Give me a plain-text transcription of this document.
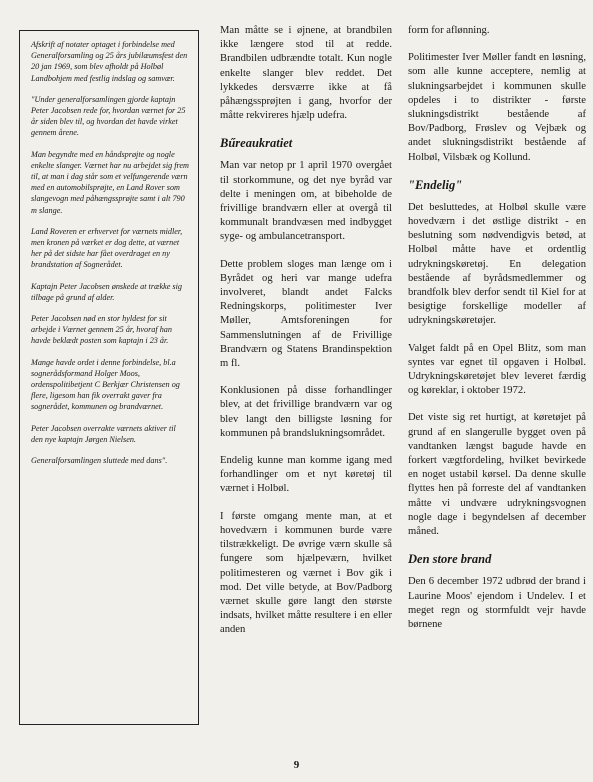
Afskrift af notater optaget i forbindelse med Generalforsamling og 25 års jubilæumsfest den 20 jan 1969, som blev afholdt på Holbøl Landbohjem med festlig indslag og samvær.

"Under generalforsamlingen gjorde kaptajn Peter Jacobsen rede for, hvordan værnet for 25 år siden blev til, og hvordan det havde virket gennem årene.

Man begyndte med en håndsprøjte og nogle enkelte slanger. Værnet har nu arbejdet sig frem til, at man i dag står som et velfungerende værn med en automobilsprøjte, en Land Rover som slangevogn med påhængssprøjte samt i alt 790 m slange.

Land Roveren er erhvervet for værnets midler, men kronen på værket er dog dette, at værnet her på det sidste har fået overdraget en ny brandstation af Sognerådet.

Kaptajn Peter Jacobsen ønskede at trække sig tilbage på grund af alder.

Peter Jacobsen nød en stor hyldest for sit arbejde i Værnet gennem 25 år, hvoraf han havde beklædt posten som kaptajn i 23 år.

Mange havde ordet i denne forbindelse, bl.a sognerådsformand Holger Moos, ordenspolitibetjent C Berkjær Christensen og flere, ligesom han fik overrakt gaver fra sognerådet, kommunen og brandværnet.

Peter Jacobsen overrakte værnets aktiver til den nye kaptajn Jørgen Nielsen.

Generalforsamlingen sluttede med dans".

Man måtte se i øjnene, at brandbilen ikke længere stod til at redde. Brandbilen udbrændte totalt. Kun nogle enkelte slanger blev reddet. Det lykkedes dersværre ikke at få påhængssprøjten i gang, hvorfor der måtte rekvireres hjælp udefra.

Bűreaukratiet

Man var netop pr 1 april 1970 overgået til storkommune, og det nye byråd var delte i meningen om, at bibeholde de frivillige brandværn eller at overgå til kommunalt brandvæsen med indbygget syge- og ambulancetransport.

Dette problem sloges man længe om i Byrådet og heri var mange udefra involveret, blandt andet Falcks Redningskorps, politimester Iver Møller, Amtsforeningen for Sammenslutningen af de Frivillige Brandværn og Statens Brandinspektion m fl.

Konklusionen på disse forhandlinger blev, at det frivillige brandværn var og blev langt den billigste løsning for kommunen på brandslukningsområdet.

Endelig kunne man komme igang med forhandlinger om et nyt køretøj til værnet i Holbøl.

I første omgang mente man, at et hovedværn i kommunen burde være tilstrækkeligt. De øvrige værn skulle så fungere som hjælpeværn, hvilket politimesteren og værnet i Bov gik i mod. Det ville betyde, at Bov/Padborg værnet skulle gøre langt den største indsats, hvilket måtte resultere i en eller anden

form for aflønning.

Politimester Iver Møller fandt en løsning, som alle kunne acceptere, nemlig at slukningsarbejdet i kommunen skulle opdeles i to distrikter - første slukningsdistrikt bestående af Bov/Padborg, Frøslev og Vejbæk og andet slukningsdistrikt bestående af Holbøl, Vilsbæk og Kollund.

"Endelig"

Det besluttedes, at Holbøl skulle være hovedværn i det østlige distrikt - en beslutning som nødvendigvis betød, at Holbøl måtte have et ordentlig udrykningskøretøj. En delegation bestående af byrådsmedlemmer og brandfolk blev derfor sendt til Kiel for at besigtige forskellige modeller af udrykningskøretøjer.

Valget faldt på en Opel Blitz, som man syntes var egnet til opgaven i Holbøl. Udrykningskøretøjet blev leveret færdig og køreklar, i oktober 1972.

Det viste sig ret hurtigt, at køretøjet på grund af en slangerulle bygget oven på vandtanken længst bagude havde en forkert vægtfordeling, hvilket bevirkede en noget ustabil kørsel. Da denne skulle flyttes hen på forreste del af vandtanken måtte vi undvære udrykningsvognen nogle dage i begyndelsen af december måned.

Den store brand

Den 6 december 1972 udbrød der brand i Laurine Moos' ejendom i Undelev. I et meget regn og stormfuldt vejr havde børnene

9
